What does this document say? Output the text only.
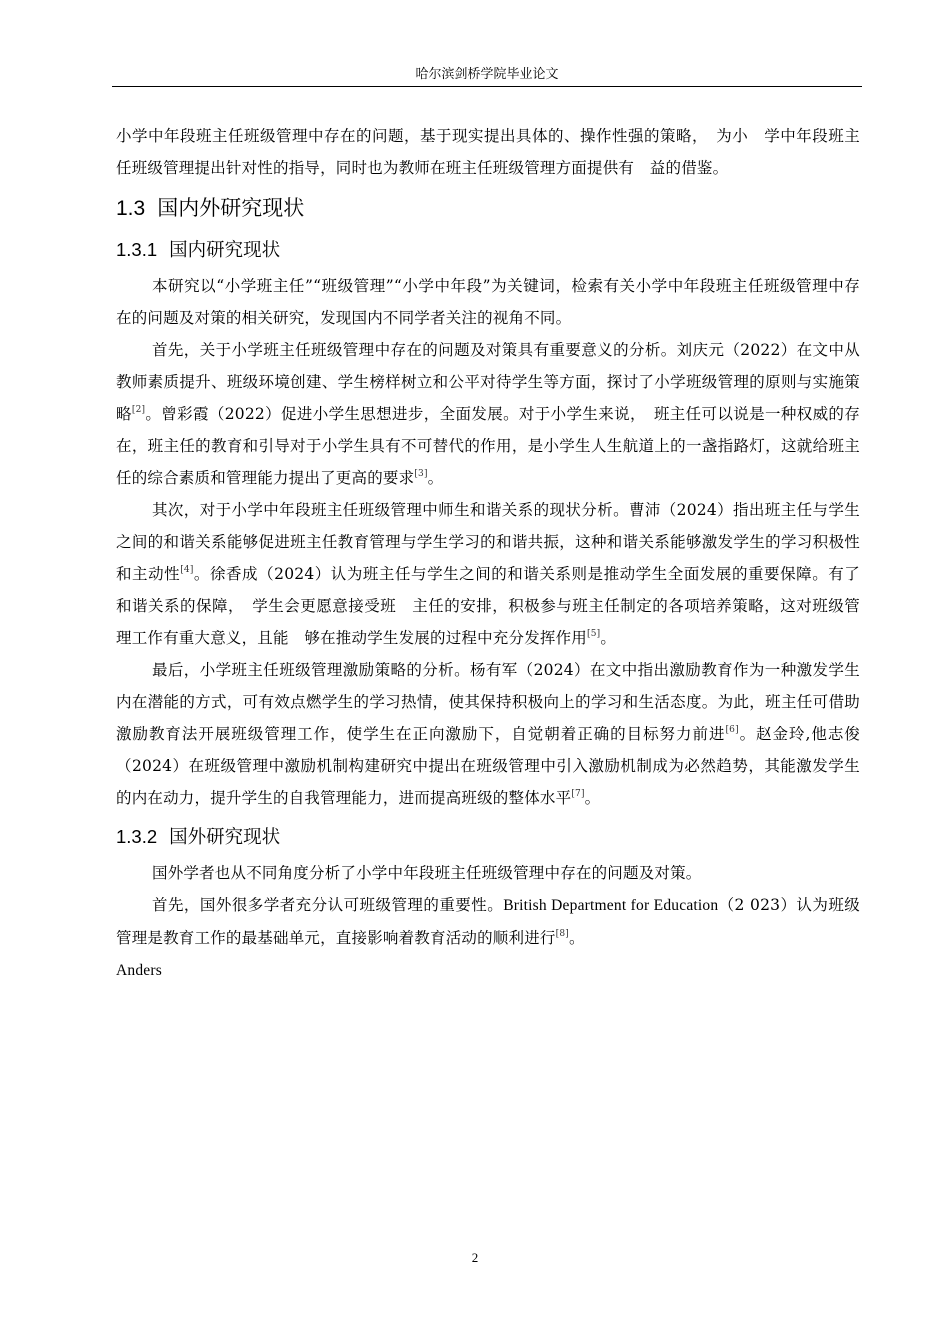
哈尔滨剑桥学院毕业论文

小学中年段班主任班级管理中存在的问题，基于现实提出具体的、操作性强的策略，　为小　学中年段班主任班级管理提出针对性的指导，同时也为教师在班主任班级管理方面提供有　益的借鉴。

1.3 国内外研究现状
1.3.1 国内研究现状

本研究以“小学班主任”“班级管理”“小学中年段”为关键词，检索有关小学中年段班主任班级管理中存在的问题及对策的相关研究，发现国内不同学者关注的视角不同。

首先，关于小学班主任班级管理中存在的问题及对策具有重要意义的分析。刘庆元（2022）在文中从教师素质提升、班级环境创建、学生榜样树立和公平对待学生等方面，探讨了小学班级管理的原则与实施策略[2]。曾彩霞（2022）促进小学生思想进步，全面发展。对于小学生来说，　班主任可以说是一种权威的存在，班主任的教育和引导对于小学生具有不可替代的作用，是小学生人生航道上的一盏指路灯，这就给班主任的综合素质和管理能力提出了更高的要求[3]。

其次，对于小学中年段班主任班级管理中师生和谐关系的现状分析。曹沛（2024）指出班主任与学生之间的和谐关系能够促进班主任教育管理与学生学习的和谐共振，这种和谐关系能够激发学生的学习积极性和主动性[4]。徐香成（2024）认为班主任与学生之间的和谐关系则是推动学生全面发展的重要保障。有了和谐关系的保障，　学生会更愿意接受班　主任的安排，积极参与班主任制定的各项培养策略，这对班级管理工作有重大意义，且能　够在推动学生发展的过程中充分发挥作用[5]。

最后，小学班主任班级管理激励策略的分析。杨有军（2024）在文中指出激励教育作为一种激发学生内在潜能的方式，可有效点燃学生的学习热情，使其保持积极向上的学习和生活态度。为此，班主任可借助激励教育法开展班级管理工作，使学生在正向激励下，自觉朝着正确的目标努力前进[6]。赵金玲,他志俊（2024）在班级管理中激励机制构建研究中提出在班级管理中引入激励机制成为必然趋势，其能激发学生的内在动力，提升学生的自我管理能力，进而提高班级的整体水平[7]。

1.3.2 国外研究现状

国外学者也从不同角度分析了小学中年段班主任班级管理中存在的问题及对策。

首先，国外很多学者充分认可班级管理的重要性。British Department for Education（2 023）认为班级管理是教育工作的最基础单元，直接影响着教育活动的顺利进行[8]。
Anders

2
